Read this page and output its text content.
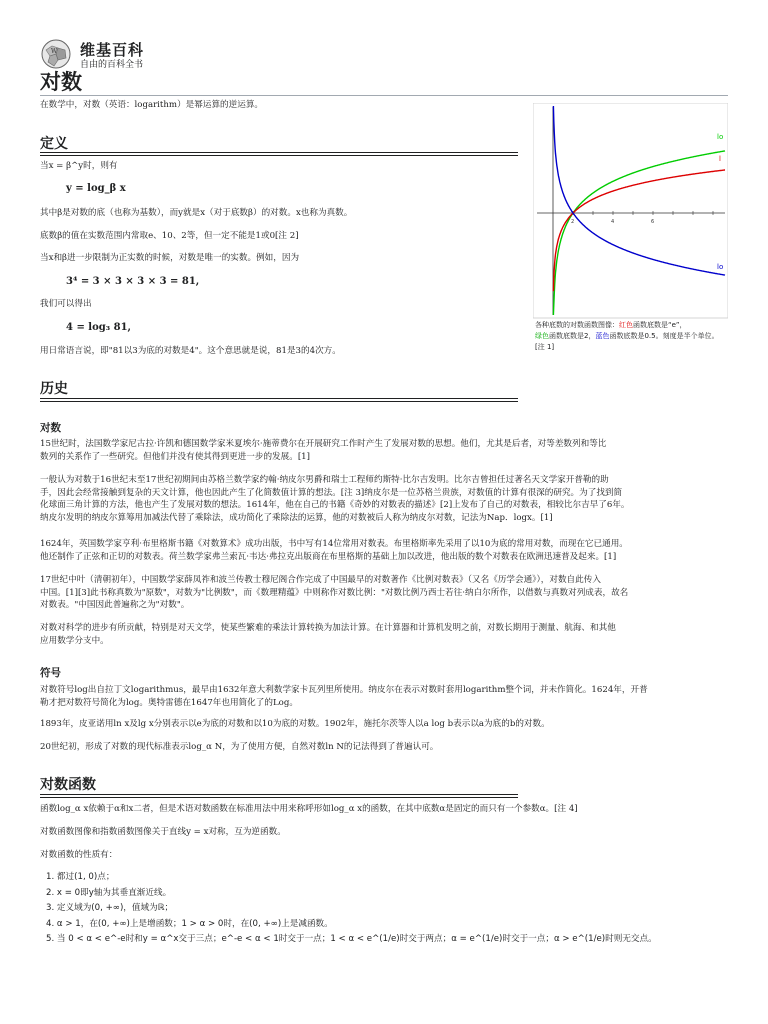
W 维基百科
自由的百科全书
对数
在数学中，对数（英语：logarithm）是幂运算的逆运算。
lo
l
lo
2	4	6
各种底数的对数函数图像：红色函数底数是“e”，
绿色函数底数是2，蓝色函数底数是0.5。刻度是半个单位。[注 1]
定义
当x = β^y时，则有
y = log_β x
其中β是对数的底（也称为基数），而y就是x（对于底数β）的对数。x也称为真数。
底数β的值在实数范围内常取e、10、2等，但一定不能是1或0[注 2]
当x和β进一步限制为正实数的时候，对数是唯一的实数。例如，因为
3⁴ = 3 × 3 × 3 × 3 = 81,
我们可以得出
4 = log₃ 81,
用日常语言说，即"81以3为底的对数是4"。这个意思就是说，81是3的4次方。
历史
对数
15世纪时，法国数学家尼古拉·许凯和德国数学家米夏埃尔·施蒂费尔在开展研究工作时产生了发展对数的思想。他们，尤其是后者，对等差数列和等比
数列的关系作了一些研究。但他们并没有使其得到更进一步的发展。[1]
一般认为对数于16世纪末至17世纪初期间由苏格兰数学家约翰·纳皮尔男爵和瑞士工程师约斯特·比尔吉发明。比尔吉曾担任过著名天文学家开普勒的助
手，因此会经常接触到复杂的天文计算，他也因此产生了化简数值计算的想法。[注 3]纳皮尔是一位苏格兰贵族，对数值的计算有很深的研究。为了找到简
化球面三角计算的方法，他也产生了发展对数的想法。1614年，他在自己的书籍《奇妙的对数表的描述》[2]上发布了自己的对数表，相较比尔吉早了6年。
纳皮尔发明的纳皮尔算筹用加减法代替了乘除法，成功简化了乘除法的运算，他的对数被后人称为纳皮尔对数，记法为Nap．logx。[1]
1624年，英国数学家亨利·布里格斯书籍《对数算术》成功出版，书中写有14位常用对数表。布里格斯率先采用了以10为底的常用对数，而现在它已通用。
他还制作了正弦和正切的对数表。荷兰数学家弗兰索瓦·韦达·弗拉克出版商在布里格斯的基础上加以改进，他出版的数个对数表在欧洲迅速普及起来。[1]
17世纪中叶（清朝初年），中国数学家薛凤祚和波兰传教士穆尼阁合作完成了中国最早的对数著作《比例对数表》（又名《历学会通》），对数自此传入
中国。[1][3]此书称真数为"原数"，对数为"比例数"，而《数理精蕴》中则称作对数比例："对数比例乃西士若往·纳白尔所作，以借数与真数对列成表，故名
对数表。"中国因此普遍称之为"对数"。
对数对科学的进步有所贡献，特别是对天文学，使某些繁难的乘法计算转换为加法计算。在计算器和计算机发明之前，对数长期用于测量、航海、和其他
应用数学分支中。
符号
对数符号log出自拉丁文logarithmus，最早由1632年意大利数学家卡瓦列里所使用。纳皮尔在表示对数时套用logarithm整个词，并未作简化。1624年，开普
勒才把对数符号简化为log。奥特雷德在1647年也用简化了的Log。
1893年，皮亚诺用ln x及lg x分别表示以e为底的对数和以10为底的对数。1902年，施托尔茨等人以a log b表示以a为底的b的对数。
20世纪初，形成了对数的现代标准表示log_α N，为了使用方便，自然对数ln N的记法得到了普遍认可。
对数函数
函数log_α x依赖于α和x二者，但是术语对数函数在标准用法中用来称呼形如log_α x的函数，在其中底数α是固定的而只有一个参数α。[注 4]
对数函数图像和指数函数图像关于直线y = x对称，互为逆函数。
对数函数的性质有：
1. 都过(1, 0)点；
2. x = 0即y轴为其垂直渐近线。
3. 定义域为(0, +∞)，值域为ℝ；
4. α > 1，在(0, +∞)上是增函数；1 > α > 0时，在(0, +∞)上是减函数。
5. 当 0 < α < e^-e时和y = α^x交于三点；e^-e < α < 1时交于一点；1 < α < e^(1/e)时交于两点；α = e^(1/e)时交于一点；α > e^(1/e)时则无交点。
